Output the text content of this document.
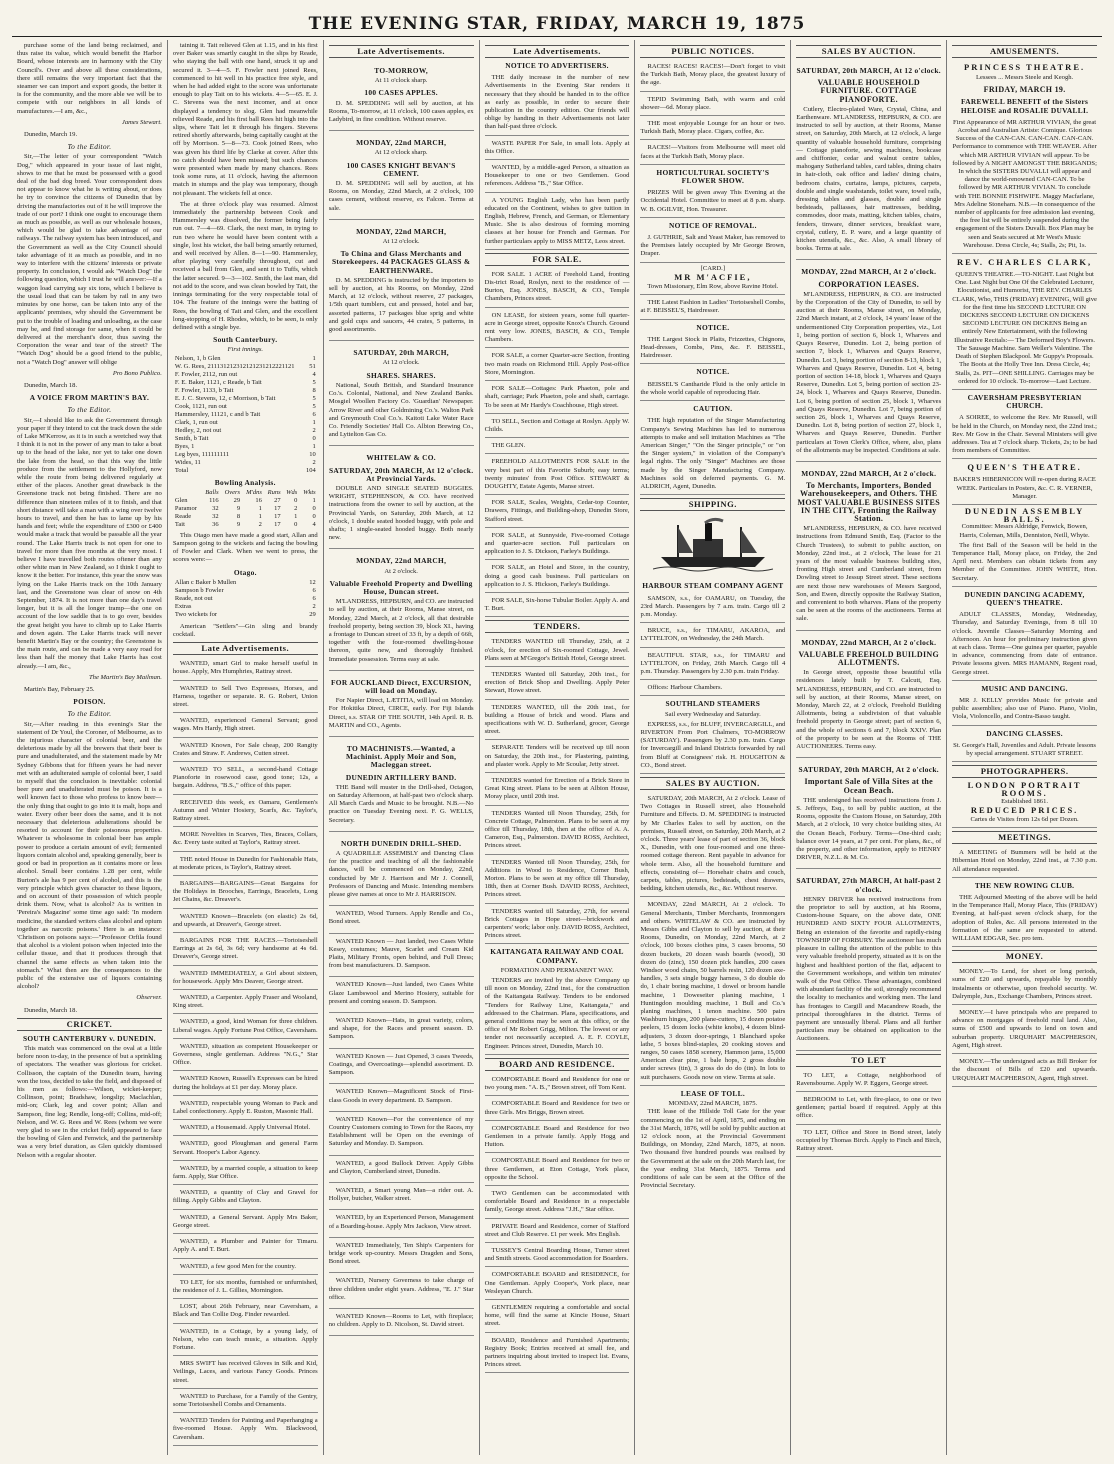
THE EVENING STAR, FRIDAY, MARCH 19, 1875
purchase some of the land being reclaimed, and thus raise its value, which would benefit the Harbor Board, whose interests are in harmony with the City Council's. Over and above all these considerations, there still remains the very important fact that the steamer we can import and export goods, the better it is for the community, and the more able we will be to compete with our neighbors in all kinds of manufactures.—I am, &c.,
James Stewart.
Dunedin, March 19.
To the Editor.
Sir,—The letter of your correspondent "Watch Dog," which appeared in your issue of last night, shows to me that he must be possessed with a good deal of the bad dog breed. Your correspondent does not appear to know what he is writing about, or does he try to convince the citizens of Dunedin that by driving the manufactories out of it he will improve the trade of our port? I think one ought to encourage them as much as possible, as well as our wholesale houses, which would be glad to take advantage of our railways. The railway system has been introduced, and the Government as well as the City Council should take advantage of it as much as possible, and in no way to interfere with the citizens' interests or private property. In conclusion, I would ask "Watch Dog" the following question, which I trust he will answer:—If a waggon load carrying say six tons, which I believe is the usual load that can be taken by rail in any two minutes by one horse, can be taken into any of the applicants' premises, why should the Government be put to the trouble of loading and unloading, as the case may be, and find storage for same, when it could be delivered at the merchant's door, thus saving the Corporation the wear and tear of the street? The "Watch Dog" should be a good friend to the public, not a "Watch Dog" answer will oblige
Pro Bono Publico.
Dunedin, March 18.
A VOICE FROM MARTIN'S BAY.
To the Editor.
Sir,—I should like to ask the Government through your paper if they intend to cut the track down the side of Lake M'Kerrow, as it is in such a wretched way that I think it is not in the power of any man to take a boat up to the head of the lake, nor yet to take one down the lake from the head, so that this way the little produce from the settlement to the Hollyford, now while the route from being delivered regularly at either of the places. Another great drawback is the Greenstone track not being finished. There are no difference than nineteen miles of it to finish, and that short distance will take a man with a wing over twelve hours to travel, and then he has to lame up by his hands and feet; while the expenditure of £300 or £400 would make a track that would be passable all the year round. The Lake Harris track is not open for one to travel for more than five months at the very most. I believe I have travelled both routes oftener than any other white man in New Zealand, so I think I ought to know it the better. For instance, this year the snow was lying on the Lake Harris track on the 10th January last, and the Greenstone was clear of snow on 4th September, 1874. It is not more than one day's travel longer, but it is all the longer tramp—the one on account of the low saddle that is to go over, besides the great height you have to climb up to Lake Harris and down again. The Lake Harris track will never benefit Martin's Bay or the country; the Greenstone is the main route, and can be made a very easy road for less than half the money that Lake Harris has cost already.—I am, &c.,
The Martin's Bay Mailman.
Martin's Bay, February 25.
POISON.
To the Editor.
Sir,—After reading in this evening's Star the statement of Dr Youl, the Coroner, of Melbourne, as to the injurious character of colonial beer, and the deleterious made by all the brewers that their beer is pure and unadulterated, and the statement made by Mr Sydney Gibbons that for fifteen years he had never met with an adulterated sample of colonial beer, I said to myself that the conclusion is inevitable: colonial beer pure and unadulterated must be poison. It is a well known fact to those who profess to know beer—the only thing that ought to go into it is malt, hops and water. Every other beer does the same, and it is not necessary that deleterious adulterations should be resorted to account for their poisonous properties. Whatever is wholesome in colonial beer has ample power to produce a certain amount of evil; fermented liquors contain alcohol and, speaking generally, beer is good or bad in proportion as it contains more or less alcohol. Small beer contains 1.28 per cent, while Burton's ale has 9 per cent of alcohol, and this is the very principle which gives character to these liquors, and on account of their possession of which people drink them. Now, what is alcohol? As is written in 'Pereira's Magazine' some time ago said: 'In modern medicine, the standard writers class alcohol and opium together as narcotic poisons.' Here is an instance: 'Christison on poisons says:—"Professor Orfila found that alcohol is a violent poison when injected into the cellular tissue, and that it produces through that channel the same effects as when taken into the stomach." What then are the consequences to the public of the extensive use of liquors containing alcohol?
Observer.
Dunedin, March 18.
CRICKET.
SOUTH CANTERBURY v. DUNEDIN.
This match was commenced on the oval at a little before noon to-day, in the presence of but a sprinkling of spectators. The weather was glorious for cricket. Collisson, the captain of the Dunedin team, having won the toss, decided to take the field, and disposed of his men as follows:—Wilson, wicket-keeper; Collinson, point; Bradshaw, longslip; Maclachlan, mid-on; Clark, leg and cover point; Allan and Sampson, fine leg; Rendle, long-off; Collins, mid-off; Nelson, and W. G. Rees and W. Rees (whom we were very glad to see in the cricket field) appeared to face the bowling of Glen and Fenwick, and the partnership was a very brief duration, as Glen quickly dismissed Nelson with a regular shooter.
taining it. Tait relieved Glen at 1.15, and in his first over Baker was smartly caught in the slips by Reade, who staying the ball with one hand, struck it up and secured it. 3—4—5. F. Fowler next joined Rees, commenced to hit well in his practice free style, and when he had added eight to the score was unfortunate enough to play Tait on to his wickets. 4—5—65. E. J. C. Stevens was the next incomer, and at once displayed a tendency to slog. Glen had meanwhile relieved Reade, and his first ball Rees hit high into the slips, where Tait let it through his fingers. Stevens retired shortly afterwards, being capitally caught at the off by Morrison. 5—8—73. Cook joined Rees, who was given his third life by Clarke at cover. After this no catch should have been missed; but such chances were presented when made by many chances. Rees took some runs, at 11 o'clock, having the afternoon match in stumps and the play was temporary, though not pleasant. The wickets fell at once.
The at three o'clock play was resumed. Almost immediately the partnership between Cook and Hammersley was dissolved, the former being fairly run out. 7—4—69. Clark, the next man, in trying to run two where he would have been content with a single, lost his wicket, the ball being smartly returned, and well received by Allen. 8—1—90. Hammersley, after playing very carefully throughout, cut and received a ball from Glen, and sent it to Tuffs, which the latter secured. 9—3—102. Smith, the last man, did not add to the score, and was clean bowled by Tait, the innings terminating for the very respectable total of 104. The feature of the innings were the batting of Rees, the bowling of Tait and Glen, and the excellent long-stopping of H. Rhodes, which, to be seen, is only defined with a single bye.
South Canterbury.
First innings.
Nelson, 1, b Glen	1
W. G. Rees, 211131212312121231212221121	51
F. Fowler, 2112, run out	4
F. E. Baker, 1121, c Reade, b Tait	5
F. Fowler, 1133, b Tait	8
E. J. C. Stevens, 12, c Morrison, b Tait	5
Cook, 1121, run out	5
Hammersley, 11121, c and b Tait	6
Clark, 1, run out	1
Hedley, 2, not out	2
Smith, b Tait	0
Byes, 1	1
Leg byes, 111111111	10
Wides, 11	2
Total	104
Bowling Analysis.
	Balls	Overs	M'dns	Runs	Wds	Wkts
Glen	116	29	16	27	0	1
Paramor	32	9	1	17	2	0
Reade	32	8	1	17	1	0
Tait	36	9	2	17	0	4
This Otago men have made a good start, Allan and Sampson going to the wickets and facing the bowling of Fowler and Clark. When we went to press, the scores were:—
Otago.
Allan c Baker b Mullen	12
Sampson b Fowler	6
Reade, not out	6
Extras	2
Two wickets for	29
American "Settlers"—Gin sling and brandy cocktail.
Late Advertisements.
WANTED, smart Girl to make herself useful in house. Apply, Mrs Humphries, Rattray street.
WANTED to Sell Two Expresses, Horses, and Harness, together or separate. R. G. Robert, Union street.
WANTED, experienced General Servant; good wages. Mrs Hardy, High street.
WANTED Known, For Sale cheap, 200 Rangity Crates and Straw. F. Andrews, Cutten street.
WANTED TO SELL, a second-hand Cottage Pianoforte in rosewood case, good tone; 12s, a bargain. Address, "B.S.," office of this paper.
RECEIVED this week, ex Oamaru, Gentlemen's Autumn and Winter Hosiery, Scarfs, &c. Taylor's, Rattray street.
MORE Novelties in Scarves, Ties, Braces, Collars, &c. Every taste suited at Taylor's, Rattray street.
THE noted House in Dunedin for Fashionable Hats, at moderate prices, is Taylor's, Rattray street.
BARGAINS—BARGAINS—Great Bargains for the Holidays in Brooches, Earrings, Bracelets, Long Jet Chains, &c. Dreaver's.
WANTED Known—Bracelets (on elastic) 2s 6d, and upwards, at Dreaver's, George street.
BARGAINS FOR THE RACES.—Tortoiseshell Earrings at 2s 6d, 3s 6d; very handsome at 4s 6d. Dreaver's, George street.
WANTED IMMEDIATELY, a Girl about sixteen, for housework. Apply Mrs Deaver, George street.
WANTED, a Carpenter. Apply Fraser and Wooland, King street.
WANTED, a good, kind Woman for three children. Liberal wages. Apply Fortune Post Office, Caversham.
WANTED, situation as competent Housekeeper or Governess, single gentleman. Address "N.G.," Star Office.
WANTED Known, Russell's Expresses can be hired during the holidays at £1 per day. Moray place.
WANTED, respectable young Woman to Pack and Label confectionery. Apply E. Ruston, Masonic Hall.
WANTED, a Housemaid. Apply Universal Hotel.
WANTED, good Ploughman and general Farm Servant. Hooper's Labor Agency.
WANTED, by a married couple, a situation to keep farm. Apply, Star Office.
WANTED, a quantity of Clay and Gravel for filling. Apply Gibbs and Clayton.
WANTED, a General Servant. Apply Mrs Baker, George street.
WANTED, a Plumber and Painter for Timaru. Apply A. and T. Burt.
WANTED, a few good Men for the country.
TO LET, for six months, furnished or unfurnished, the residence of J. L. Gillies, Mornington.
LOST, about 26th February, near Caversham, a Black and Tan Collie Dog. Finder rewarded.
WANTED, in a Cottage, by a young lady, of Nelson, who can teach music, a situation. Apply Fortune.
MRS SWIFT has received Gloves in Silk and Kid, Veilings, Laces, and various Fancy Goods. Princes street.
WANTED to Purchase, for a Family of the Gentry, some Tortoiseshell Combs and Ornaments.
WANTED Tenders for Painting and Paperhanging a five-roomed House. Apply Wm. Blackwood, Caversham.
Late Advertisements.
TO-MORROW,
At 11 o'clock sharp.
100 CASES APPLES.
D. M. SPEDDING will sell by auction, at his Rooms, To-morrow, at 11 o'clock, 100 cases apples, ex Ladybird, in fine condition. Without reserve.
MONDAY, 22nd MARCH,
At 12 o'clock sharp.
100 CASES KNIGHT BEVAN'S CEMENT.
D. M. SPEDDING will sell by auction, at his Rooms, on Monday, 22nd March, at 2 o'clock, 100 cases cement, without reserve, ex Falcon. Terms at sale.
MONDAY, 22nd MARCH,
At 12 o'clock.
To China and Glass Merchants and Storekeepers. 44 PACKAGES GLASS & EARTHENWARE.
D. M. SPEDDING is instructed by the importers to sell by auction, at his Rooms, on Monday, 22nd March, at 12 o'clock, without reserve, 27 packages, 1/5th quart tumblers, cut and pressed, hotel and bar, assorted patterns, 17 packages blue sprig and white and gold cups and saucers, 44 crates, 5 patterns, in good assortments.
SATURDAY, 20th MARCH,
At 12 o'clock.
SHARES. SHARES.
National, South British, and Standard Insurance Co.'s. Colonial, National, and New Zealand Banks. Mosgiel Woollen Factory Co. 'Guardian' Newspaper. Arrow River and other Goldmining Co.'s. Walton Park and Greymouth Coal Co.'s. Kaitoti Lake Water Race Co. Friendly Societies' Hall Co. Albion Brewing Co., and Lyttelton Gas Co.
WHITELAW & CO.
SATURDAY, 20th MARCH, At 12 o'clock. At Provincial Yards.
DOUBLE AND SINGLE SEATED BUGGIES. WRIGHT, STEPHENSON, & CO. have received instructions from the owner to sell by auction, at the Provincial Yards, on Saturday, 20th March, at 12 o'clock, 1 double seated hooded buggy, with pole and shafts; 1 single-seated hooded buggy. Both nearly new.
MONDAY, 22nd MARCH,
At 2 o'clock.
Valuable Freehold Property and Dwelling House, Duncan street.
M'LANDRESS, HEPBURN, and CO. are instructed to sell by auction, at their Rooms, Manse street, on Monday, 22nd March, at 2 o'clock, all that desirable freehold property, being section 39, block XI., having a frontage to Duncan street of 33 ft, by a depth of 66ft, together with the four-roomed dwelling-house thereon, quite new, and thoroughly finished. Immediate possession. Terms easy at sale.
FOR AUCKLAND Direct, EXCURSION, will load on Monday.
For Napier Direct, LÆTITIA, will load on Monday. For Hokitika Direct, CIRCE, early. For Fiji Islands Direct, s.s. STAR OF THE SOUTH, 14th April. R. B. MARTIN and CO., Agents.
TO MACHINISTS.—Wanted, a Machinist. Apply Moir and Son, Macleggan street.
DUNEDIN ARTILLERY BAND.
THE Band will muster in the Drill-shed, Octagon, on Saturday Afternoon, at half-past two o'clock sharp. All March Cards and Music to be brought. N.B.—No practice on Tuesday Evening next. F. G. WELLS, Secretary.
NORTH DUNEDIN DRILL-SHED.
A QUADRILLE ASSEMBLY and Dancing Class for the practice and teaching of all the fashionable dances, will be commenced on Monday, 22nd, conducted by Mr J. Harrison and Mr J. Connell, Professors of Dancing and Music. Intending members please give names at once to Mr J. HARRISON.
WANTED, Wood Turners. Apply Rendle and Co., Bond street.
WANTED Known — Just landed, two Cases White Kesey, costumes; Mauve, Scarlet and Cream Kid Plaits, Military Fronts, open behind, and Full Dress; from best manufacturers. D. Sampson.
WANTED Known—Just landed, two Cases White Glaze Lambswool and Merino Hosiery, suitable for present and coming season. D. Sampson.
WANTED Known—Hats, in great variety, colors, and shape, for the Races and present season. D. Sampson.
WANTED Known — Just Opened, 3 cases Tweeds, Coatings, and Overcoatings—splendid assortment. D. Sampson.
WANTED Known—Magnificent Stock of First-class Goods in every department. D. Sampson.
WANTED Known—For the convenience of my Country Customers coming to Town for the Races, my Establishment will be Open on the evenings of Saturday and Monday. D. Sampson.
WANTED, a good Bullock Driver. Apply Gibbs and Clayton, Cumberland street, Dunedin.
WANTED, a Smart young Man—a rider out. A. Hollyer, butcher, Walker street.
WANTED, by an Experienced Person, Management of a Boarding-house. Apply Mrs Jackson, View street.
WANTED Immediately, Ten Ship's Carpenters for bridge work up-country. Messrs Dragden and Sons, Bond street.
WANTED, Nursery Governess to take charge of three children under eight years. Address, "E. J." Star office.
WANTED Known—Rooms to Let, with fireplace; no children. Apply to D. Nicolson, St. David street.
Late Advertisements.
NOTICE TO ADVERTISERS.
THE daily increase in the number of new Advertisements in the Evening Star renders it necessary that they should be handed in to the office as early as possible, in order to secure their publication in the country edition. Our friends will oblige by handing in their Advertisements not later than half-past three o'clock.
WASTE PAPER For Sale, in small lots. Apply at this Office.
WANTED, by a middle-aged Person, a situation as Housekeeper to one or two Gentlemen. Good references. Address "B.," Star Office.
A YOUNG English Lady, who has been partly educated on the Continent, wishes to give tuition in English, Hebrew, French, and German, or Elementary Music. She is also desirous of forming morning classes at her house for French and German. For further particulars apply to MISS METZ, Leos street.
FOR SALE.
FOR SALE. 1 ACRE of Freehold Land, fronting Dis-trict Road, Roslyn, next to the residence of — Burton, Esq. JONES, BASCH, & CO., Temple Chambers, Princes street.
ON LEASE, for sixteen years, some full quarter-acre in George street, opposite Knox's Church. Ground rent very low. JONES, BASCH, & CO., Temple Chambers.
FOR SALE, a corner Quarter-acre Section, fronting two main roads on Richmond Hill. Apply Post-office Store, Mornington.
FOR SALE—Cottages: Park Phaeton, pole and shaft, carriage; Park Phaeton, pole and shaft, carriage. To be seen at Mr Hardy's Coachhouse, High street.
TO SELL, Section and Cottage at Roslyn. Apply W. Childs.
THE GLEN.
FREEHOLD ALLOTMENTS FOR SALE in the very best part of this Favorite Suburb; easy terms; twenty minutes' from Post Office. STEWART & DOUGHTY, Estate Agents, Manse street.
FOR SALE, Scales, Weights, Cedar-top Counter, Drawers, Fittings, and Building-shop, Dunedin Store, Stafford street.
FOR SALE, at Sunnyside, Five-roomed Cottage and quarter-acre section. Full particulars on application to J. S. Dickson, Farley's Buildings.
FOR SALE, an Hotel and Store, in the country, doing a good cash business. Full particulars on application to J. S. Hickson, Farley's Buildings.
FOR SALE, Six-horse Tubular Boiler. Apply A. and T. Burt.
TENDERS.
TENDERS WANTED till Thursday, 25th, at 2 o'clock, for erection of Six-roomed Cottage, Jewel. Plans seen at M'Gregor's British Hotel, George street.
TENDERS Wanted till Saturday, 20th inst., for erection of Brick Shop and Dwelling. Apply Peter Stewart, Howe street.
TENDERS WANTED, till the 20th inst., for building a House of brick and wood. Plans and specifications with W. D. Sutherland, grocer, George street.
SEPARATE Tenders will be received up till noon on Saturday, the 20th inst., for Plastering, painting, and plaster work. Apply to Mr Scoular, Jetty street.
TENDERS wanted for Erection of a Brick Store in Great King street. Plans to be seen at Albion House, Moray place, until 20th inst.
TENDERS Wanted till Noon Thursday, 25th, for Concrete Cottage, Palmerston. Plans to be seen at my office till Thursday, 18th, then at the office of A. A. Cameron, Esq., Palmerston. DAVID ROSS, Architect, Princes street.
TENDERS Wanted till Noon Thursday, 25th, for Additions in Wood to Residence, Corner Bush, Morton. Plans to be seen at my office till Thursday, 18th, then at Corner Bush. DAVID ROSS, Architect, Princes street.
TENDERS wanted till Saturday, 27th, for several Brick Cottages in Hope street—brickwork and carpenters' work; labor only. DAVID ROSS, Architect, Princes street.
KAITANGATA RAILWAY AND COAL COMPANY.
FORMATION AND PERMANENT WAY.
TENDERS are invited by the above Company up till noon on Monday, 22nd inst., for the construction of the Kaitangata Railway. Tenders to be endorsed "Tenders for Railway Line, Kaitangata," and addressed to the Chairman. Plans, specifications, and general conditions may be seen at this office, or the office of Mr Robert Grigg, Milton. The lowest or any tender not necessarily accepted. A. E. F. COYLE, Engineer. Princes street, Dunedin, March 10.
BOARD AND RESIDENCE.
COMFORTABLE Board and Residence for one or two young men. "A. B.," Brown street, off Tom Kent.
COMFORTABLE Board and Residence for two or three Girls. Mrs Briggs, Brown street.
COMFORTABLE Board and Residence for two Gentlemen in a private family. Apply Hogg and Hutton.
COMFORTABLE Board and Residence for two or three Gentlemen, at Eton Cottage, York place, opposite the School.
TWO Gentlemen can be accommodated with comfortable Board and Residence in a respectable family, George street. Address "J.H.," Star office.
PRIVATE Board and Residence, corner of Stafford street and Club Reserve. £1 per week. Mrs English.
TUSSEY'S Central Boarding House, Turner street and Smith streets. Good accommodation for Boarders.
COMFORTABLE BOARD and RESIDENCE, for One Gentleman. Apply Cooper's, York place, near Wesleyan Church.
GENTLEMEN requiring a comfortable and social home, will find the same at Kincie House, Stuart street.
BOARD, Residence and Furnished Apartments; Registry Book; Entries received at small fee, and partners inquiring about invited to inspect list. Evans, Princes street.
PUBLIC NOTICES.
RACES! RACES! RACES!—Don't forget to visit the Turkish Bath, Moray place, the greatest luxury of the age.
TEPID Swimming Bath, with warm and cold shower—6d. Moray place.
THE most enjoyable Lounge for an hour or two. Turkish Bath, Moray place. Cigars, coffee, &c.
RACES!—Visitors from Melbourne will meet old faces at the Turkish Bath, Moray place.
HORTICULTURAL SOCIETY'S FLOWER SHOW.
PRIZES Will be given away This Evening at the Occidental Hotel. Committee to meet at 8 p.m. sharp. W. B. OGILVIE, Hon. Treasurer.
NOTICE OF REMOVAL.
J. GUTHRIE, Salt and Yeast Maker, has removed to the Premises lately occupied by Mr George Brown, Draper.
[CARD.]
MR M'ACFIE,
Town Missionary, Elm Row, above Ravine Hotel.
THE Latest Fashion in Ladies' Tortoiseshell Combs, at F. BEISSEL'S, Hairdresser.
NOTICE.
THE Largest Stock in Plaits, Frizzettes, Chignons, Head-dresses, Combs, Pins, &c. F. BEISSEL, Hairdresser.
NOTICE.
BEISSEL'S Cantharide Fluid is the only article in the whole world capable of reproducing Hair.
CAUTION.
THE high reputation of the Singer Manufacturing Company's Sewing Machines has led to numerous attempts to make and sell imitation Machines as "The American Singer," "On the Singer principle," or "on the Singer system," in violation of the Company's legal rights. The only "Singer" Machines are those made by the Singer Manufacturing Company. Machines sold on deferred payments. G. M. ALDRICH, Agent, Dunedin.
SHIPPING.
HARBOUR STEAM COMPANY AGENT
SAMSON, s.s., for OAMARU, on Tuesday, the 23rd March. Passengers by 7 a.m. train. Cargo till 2 p.m. Monday.
BRUCE, s.s., for TIMARU, AKAROA, and LYTTELTON, on Wednesday, the 24th March.
BEAUTIFUL STAR, s.s., for TIMARU and LYTTELTON, on Friday, 26th March. Cargo till 4 p.m. Thursday. Passengers by 2.30 p.m. train Friday.
Offices: Harbour Chambers.
SOUTHLAND STEAMERS
Sail every Wednesday and Saturday.
EXPRESS, s.s., for BLUFF, INVERCARGILL, and RIVERTON From Port Chalmers, TO-MORROW (SATURDAY). Passengers by 2.30 p.m. train. Cargo for Invercargill and Inland Districts forwarded by rail from Bluff at Consignees' risk. H. HOUGHTON & CO., Bond street.
SALES BY AUCTION.
SATURDAY, 20th MARCH, At 2 o'clock. Lease of Two Cottages in Russell street, also Household Furniture and Effects. D. M. SPEDDING is instructed by Mr Charles Eales to sell by auction, on the premises, Russell street, on Saturday, 20th March, at 2 o'clock. Three years' lease of part of section 36, block X., Dunedin, with one four-roomed and one three-roomed cottage thereon. Rent payable in advance for whole term. Also, all the household furniture and effects, consisting of— Horsehair chairs and couch, carpets, tables, pictures, bedsteads, chest drawers, bedding, kitchen utensils, &c., &c. Without reserve.
MONDAY, 22nd MARCH, At 2 o'clock. To General Merchants, Timber Merchants, Ironmongers and others. WHITELAW & CO. are instructed by Messrs Gibbs and Clayton to sell by auction, at their Rooms, Dunedin, on Monday, 22nd March, at 2 o'clock, 100 boxes clothes pins, 3 cases brooms, 50 dozen buckets, 20 dozen wash boards (wood), 30 dozen do (zinc), 150 dozen pick handles, 200 cases Windsor wood chairs, 50 barrels resin, 120 dozen axe-handles, 3 sets single buggy harness, 3 do double do do, 1 chair boring machine, 1 dowel or broom handle machine, 1 Doweseiter planing machine, 1 Huntingdon moulding machine, 1 Bull and Co.'s planing machines, 1 tenon machine. 500 pairs Washburn hinges, 200 plane-cutters, 15 dozen potatoe peelers, 15 dozen locks (white knobs), 4 dozen blind-adjusters, 3 dozen door-springs, 1 Blanchard spoke lathe, 5 boxes blind-staples, 20 cooking stoves and ranges, 50 cases 1858 scenery, Hammon jams, 15,000 American clear pine, 1 bale hops, 2 gross double under screws (tin), 3 gross do do do (tin). In lots to suit purchasers. Goods now on view. Terms at sale.
LEASE OF TOLL.
MONDAY, 22nd MARCH, 1875.
THE lease of the Hillside Toll Gate for the year commencing on the 1st of April, 1875, and ending on the 31st March, 1876, will be sold by public auction at 12 o'clock noon, at the Provincial Government Buildings, on Monday, 22nd March, 1875, at noon. Two thousand five hundred pounds was realised by the Government at the sale on the 20th March last, for the year ending 31st March, 1875. Terms and conditions of sale can be seen at the Office of the Provincial Secretary.
SALES BY AUCTION.
SATURDAY, 20th MARCH, At 12 o'clock.
VALUABLE HOUSEHOLD FURNITURE. COTTAGE PIANOFORTE.
Cutlery, Electro-plated Ware, Crystal, China, and Earthenware. M'LANDRESS, HEPBURN, & CO. are instructed to sell by auction, at their Rooms, Manse street, on Saturday, 20th March, at 12 o'clock, A large quantity of valuable household furniture, comprising— Cottage pianoforte, sewing machines, bookcase and chiffonier, cedar and walnut centre tables, mahogany Sutherland tables, card tables, dining chairs in hair-cloth, oak office and ladies' dining chairs, bedroom chairs, curtains, lamps, pictures, carpets, double and single washstands, toilet ware, towel rails, dressing tables and glasses, double and single bedsteads, palliasses, hair mattresses, bedding, commodes, door mats, matting, kitchen tables, chairs, fenders, tinware, dinner services, breakfast ware, crystal, cutlery, E. P. ware, and a large quantity of kitchen utensils, &c., &c. Also, A small library of books. Terms at sale.
MONDAY, 22nd MARCH, At 2 o'clock.
CORPORATION LEASES.
M'LANDRESS, HEPBURN, & CO. are instructed by the Corporation of the City of Dunedin, to sell by auction at their Rooms, Manse street, on Monday, 22nd March instant, at 2 o'clock, 14 years' lease of the undermentioned City Corporation properties, viz., Lot 1, being portion of section 6, block 1, Wharves and Quays Reserve, Dunedin. Lot 2, being portion of section 7, block 1, Wharves and Quays Reserve, Dunedin. Lot 3, being portion of section 8-13, block 1, Wharves and Quays Reserve, Dunedin. Lot 4, being portion of section 14-18, block 1, Wharves and Quays Reserve, Dunedin. Lot 5, being portion of section 23-24, block 1, Wharves and Quays Reserve, Dunedin. Lot 6, being portion of section 25, block 1, Wharves and Quays Reserve, Dunedin. Lot 7, being portion of section 26, block 1, Wharves and Quays Reserve, Dunedin. Lot 8, being portion of section 27, block 1, Wharves and Quays Reserve, Dunedin. Further particulars at Town Clerk's Office, where, also, plans of the allotments may be inspected. Conditions at sale.
MONDAY, 22nd MARCH, At 2 o'clock.
To Merchants, Importers, Bonded Warehousekeepers, and Others. THE MOST VALUABLE BUSINESS SITES IN THE CITY, Fronting the Railway Station.
M'LANDRESS, HEPBURN, & CO. have received instructions from Edmund Smith, Esq. (Factor to the Church Trustees), to submit to public auction, on Monday, 22nd inst., at 2 o'clock, The lease for 21 years of the most valuable business building sites, fronting High street and Cumberland street, from Dowling street to Jessup Street street. These sections are next those new warehouses of Messrs Sargood, Son, and Ewen, directly opposite the Railway Station, and convenient to both wharves. Plans of the property can be seen at the rooms of the auctioneers. Terms at sale.
MONDAY, 22nd MARCH, At 2 o'clock.
VALUABLE FREEHOLD BUILDING ALLOTMENTS.
In George street, opposite those beautiful villa residences lately built by T. Calcutt, Esq. M'LANDRESS, HEPBURN, and CO. are instructed to sell by auction, at their Rooms, Manse street, on Monday, March 22, at 2 o'clock, Freehold Building Allotments, being a subdivision of that valuable freehold property in George street; part of section 6, and the whole of sections 6 and 7, block XXIV. Plan of the property to be seen at the Rooms of THE AUCTIONEERS. Terms easy.
SATURDAY, 20th MARCH, At 2 o'clock.
Important Sale of Villa Sites at the Ocean Beach.
THE undersigned has received instructions from J. S. Jeffreys, Esq., to sell by public auction, at the Rooms, opposite the Custom House, on Saturday, 20th March, at 2 o'clock, 10 very choice building sites, At the Ocean Beach, Forbury. Terms—One-third cash; balance over 14 years, at 7 per cent. For plans, &c., of the property, and other information, apply to HENRY DRIVER, N.Z.L. & M. Co.
SATURDAY, 27th MARCH, At half-past 2 o'clock.
HENRY DRIVER has received instructions from the proprietor to sell by auction, at his Rooms, Custom-house Square, on the above date, ONE HUNDRED AND SIXTY FOUR ALLOTMENTS, Being an extension of the favorite and rapidly-rising TOWNSHIP OF FORBURY. The auctioneer has much pleasure in calling the attention of the public to this very valuable freehold property, situated as it is on the highest and healthiest portion of the flat, adjacent to the Government workshops, and within ten minutes' walk of the Post Office. These advantages, combined with abundant facility of the soil, strongly recommend the locality to mechanics and working men. The land has frontages to Cargill and Macandrew Roads, the principal thoroughfares in the district. Terms of payment are unusually liberal. Plans and all further particulars may be obtained on application to the Auctioneers.
TO LET
TO LET, a Cottage, neighborhood of Ravensbourne. Apply W. P. Eggers, George street.
BEDROOM to Let, with fire-place, to one or two gentlemen; partial board if required. Apply at this office.
TO LET, Office and Store in Bond street, lately occupied by Thomas Birch. Apply to Finch and Birch, Rattray street.
AMUSEMENTS.
PRINCESS THEATRE.
Lessees ... Messrs Steele and Keogh.
FRIDAY, MARCH 19.
FAREWELL BENEFIT of the Sisters HELOISE and ROSALIE DUVALLI.
First Appearance of MR ARTHUR VIVIAN, the great Acrobat and Australian Artiste: Comique. Glorious Success of the CAN-CAN. CAN-CAN. CAN-CAN. Performance to commence with THE WEAVER. After which MR ARTHUR VIVIAN will appear. To be followed by A NIGHT AMONGST THE BRIGANDS; In which the SISTERS DUVALLI will appear and dance the world-renowned CAN-CAN. To be followed by MR ARTHUR VIVIAN. To conclude with THE BONNIE FISHWIFE. Maggy Macfarlane, Mrs Adeline Stoneham. N.B.—In consequence of the number of applicants for free admission last evening, the free list will be entirely suspended during the engagement of the Sisters Duvalli. Box Plan may be seen and Seats secured at Mr West's Music Warehouse. Dress Circle, 4s; Stalls, 2s; Pit, 1s.
REV. CHARLES CLARK,
QUEEN'S THEATRE.—TO-NIGHT. Last Night but One. Last Night but One Of the Celebrated Lecturer, Elocutionist, and Humorist, THE REV. CHARLES CLARK, Who, THIS (FRIDAY) EVENING, Will give for the first time his SECOND LECTURE ON DICKENS SECOND LECTURE ON DICKENS SECOND LECTURE ON DICKENS Being an entirely New Entertainment, with the following Illustrative Recitals:— The Deformed Boy's Flowers. The Sausage Machine. Sam Weller's Valentine. The Death of Stephen Blackpool. Mr Guppy's Proposals. The Boots at the Holly Tree Inn. Dress Circle, 4s; Stalls, 2s. PIT—ONE SHILLING. Carriages may be ordered for 10 o'clock. To-morrow—Last Lecture.
CAVERSHAM PRESBYTERIAN CHURCH.
A SOIREE, to welcome the Rev. Mr Russell, will be held in the Church, on Monday next, the 22nd inst.; Rev. Mr Gow in the Chair. Several Ministers will give addresses. Tea at 7 o'clock sharp. Tickets, 2s; to be had from members of Committee.
QUEEN'S THEATRE.
BAKER'S HIBERNICON Will re-open during RACE WEEK. Particulars in Posters, &c. C. R. VERNER, Manager.
DUNEDIN ASSEMBLY BALLS.
Committee: Messrs Aldridge, Fenwick, Bowen, Harris, Coleman, Mills, Denniston, Neill, Whyte.
The first Ball of the Season will be held in the Temperance Hall, Moray place, on Friday, the 2nd April next. Members can obtain tickets from any Member of the Committee. JOHN WHITE, Hon. Secretary.
DUNEDIN DANCING ACADEMY, QUEEN'S THEATRE.
ADULT CLASSES, Monday, Wednesday, Thursday, and Saturday Evenings, from 8 till 10 o'clock. Juvenile Classes—Saturday Morning and Afternoon. An hour for preliminary instruction given at each class. Terms—One guinea per quarter, payable in advance, commencing from date of entrance. Private lessons given. MRS HAMANN, Regent road, George street.
MUSIC AND DANCING.
MR J. KELLY provides Music for private and public assemblies; also use of Piano. Piano, Violin, Viola, Violoncello, and Contra-Basso taught.
DANCING CLASSES.
St. George's Hall, Juveniles and Adult. Private lessons by special arrangement. STUART STREET.
PHOTOGRAPHERS.
LONDON PORTRAIT ROOMS.
Established 1861.
REDUCED PRICES.
Cartes de Visites from 12s 6d per Dozen.
MEETINGS.
A MEETING of Bummers will be held at the Hibernian Hotel on Monday, 22nd inst., at 7.30 p.m. All attendance requested.
THE NEW ROWING CLUB.
THE Adjourned Meeting of the above will be held in the Temperance Hall, Moray Place, This (FRIDAY) Evening, at half-past seven o'clock sharp, for the adoption of Rules, &c. All persons interested in the formation of the same are requested to attend. WILLIAM EDGAR, Sec. pro tem.
MONEY.
MONEY.—To Lend, for short or long periods, sums of £20 and upwards, repayable by monthly instalments or otherwise, upon freehold security. W. Dalrymple, Jun., Exchange Chambers, Princes street.
MONEY.—I have principals who are prepared to advance on mortgages of freehold rural land. Also, sums of £500 and upwards to lend on town and suburban property. URQUHART MACPHERSON, Agent, High street.
MONEY.—The undersigned acts as Bill Broker for the discount of Bills of £20 and upwards. URQUHART MACPHERSON, Agent, High street.
